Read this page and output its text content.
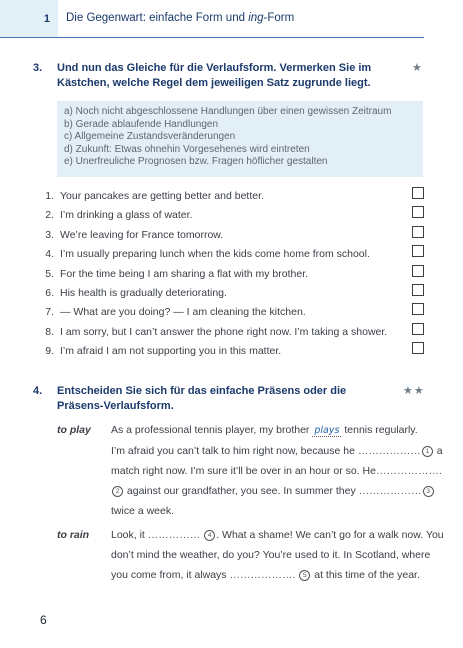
1 Die Gegenwart: einfache Form und ing-Form
3. Und nun das Gleiche für die Verlaufsform. Vermerken Sie im
Kästchen, welche Regel dem jeweiligen Satz zugrunde liegt.
★
a) Noch nicht abgeschlossene Handlungen über einen gewissen Zeitraum
b) Gerade ablaufende Handlungen
c) Allgemeine Zustandsveränderungen
d) Zukunft: Etwas ohnehin Vorgesehenes wird eintreten
e) Unerfreuliche Prognosen bzw. Fragen höflicher gestalten
1. Your pancakes are getting better and better.
2. I’m drinking a glass of water.
3. We’re leaving for France tomorrow.
4. I’m usually preparing lunch when the kids come home from school.
5. For the time being I am sharing a flat with my brother.
6. His health is gradually deteriorating.
7. — What are you doing? — I am cleaning the kitchen.
8. I am sorry, but I can’t answer the phone right now. I’m taking a shower.
9. I’m afraid I am not supporting you in this matter.
4. Entscheiden Sie sich für das einfache Präsens oder die
Präsens-Verlaufsform.
★★
to play As a professional tennis player, my brother plays tennis regularly.
I’m afraid you can’t talk to him right now, because he ……………… 1 a
match right now. I’m sure it’ll be over in an hour or so. He……………….
2 against our grandfather, you see. In summer they ……………… 3
twice a week.
to rain Look, it …………… 4 . What a shame! We can’t go for a walk now. You
don’t mind the weather, do you? You’re used to it. In Scotland, where
you come from, it always ………………. 5 at this time of the year.
6
